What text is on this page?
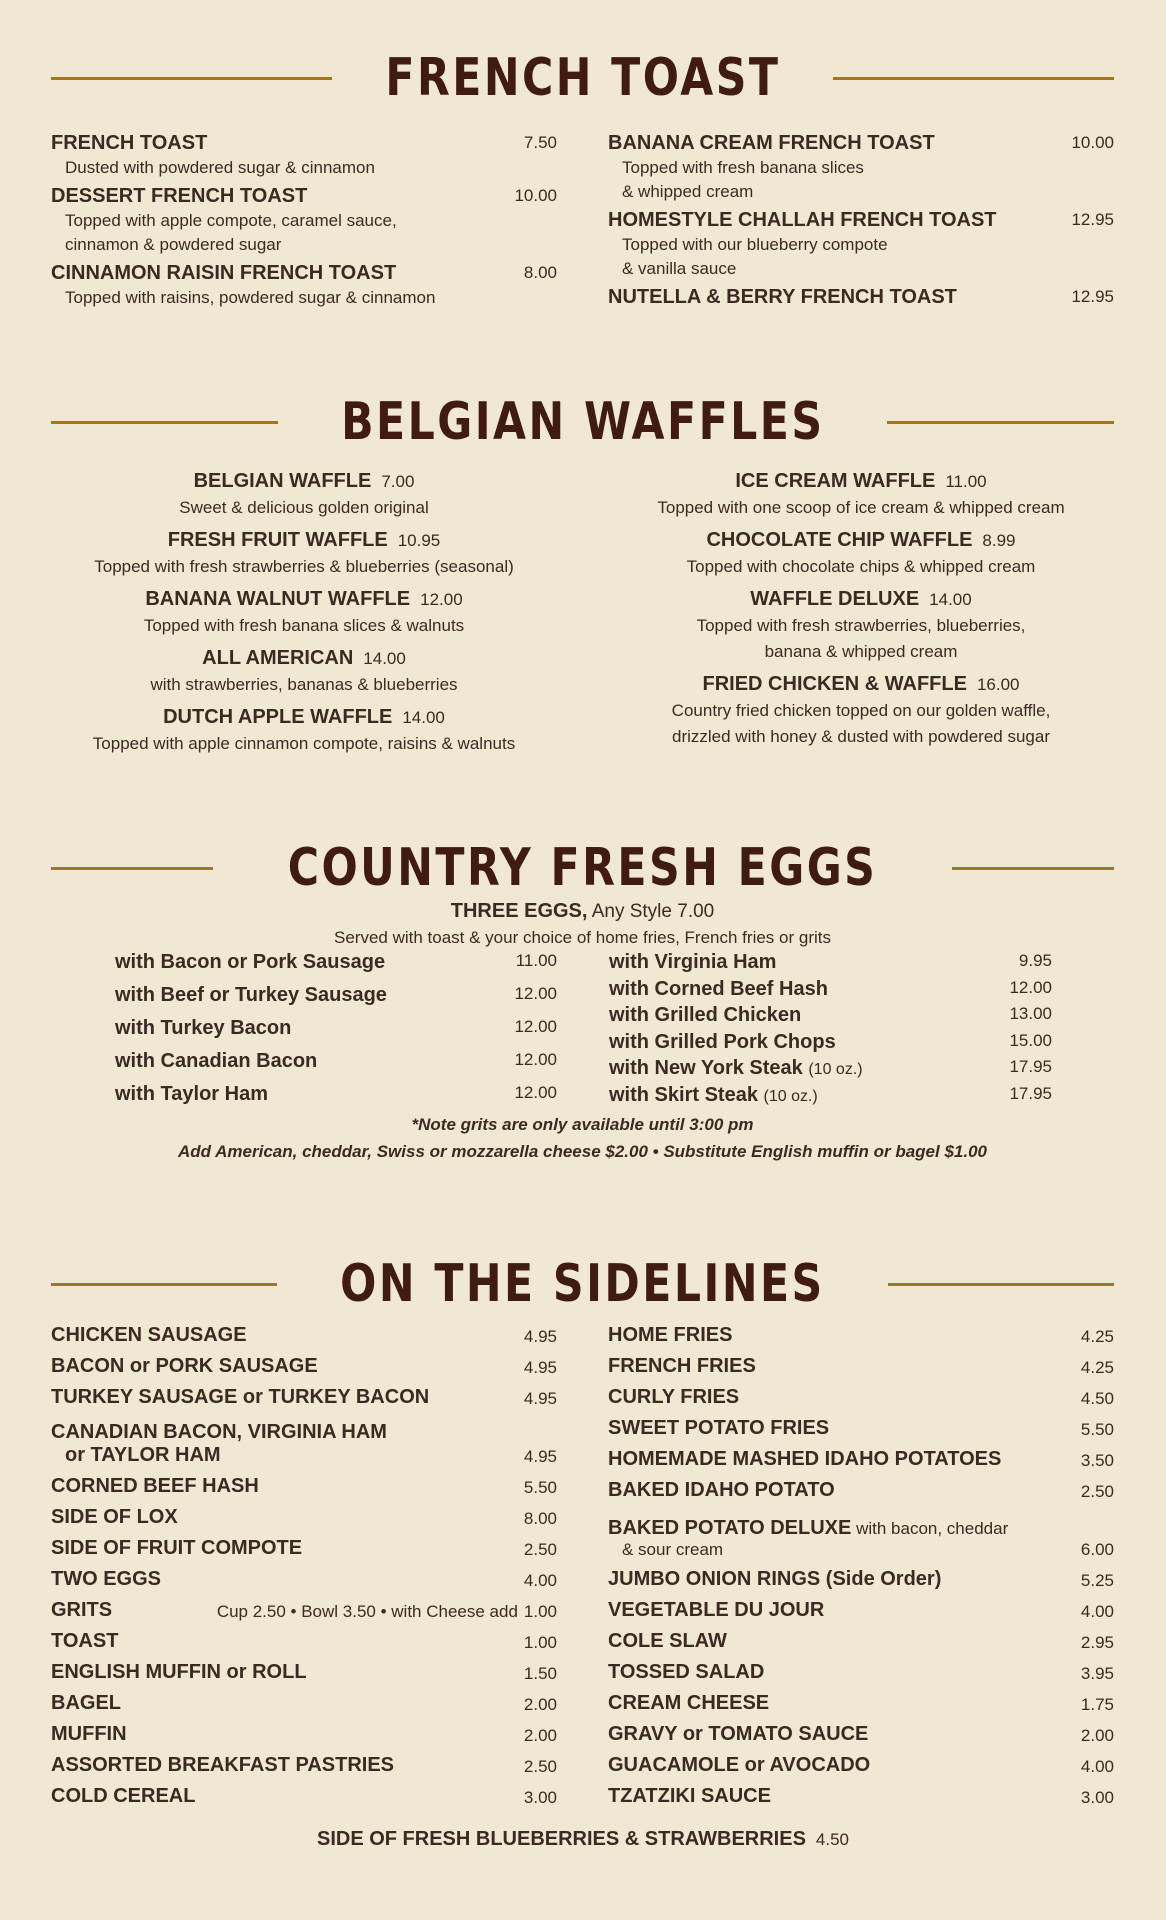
FRENCH TOAST
FRENCH TOAST	7.50
Dusted with powdered sugar & cinnamon
DESSERT FRENCH TOAST	10.00
Topped with apple compote, caramel sauce,
cinnamon & powdered sugar
CINNAMON RAISIN FRENCH TOAST	8.00
Topped with raisins, powdered sugar & cinnamon
BANANA CREAM FRENCH TOAST	10.00
Topped with fresh banana slices
& whipped cream
HOMESTYLE CHALLAH FRENCH TOAST	12.95
Topped with our blueberry compote
& vanilla sauce
NUTELLA & BERRY FRENCH TOAST	12.95
BELGIAN WAFFLES
BELGIAN WAFFLE 7.00
Sweet & delicious golden original
FRESH FRUIT WAFFLE 10.95
Topped with fresh strawberries & blueberries (seasonal)
BANANA WALNUT WAFFLE 12.00
Topped with fresh banana slices & walnuts
ALL AMERICAN 14.00
with strawberries, bananas & blueberries
DUTCH APPLE WAFFLE 14.00
Topped with apple cinnamon compote, raisins & walnuts
ICE CREAM WAFFLE 11.00
Topped with one scoop of ice cream & whipped cream
CHOCOLATE CHIP WAFFLE 8.99
Topped with chocolate chips & whipped cream
WAFFLE DELUXE 14.00
Topped with fresh strawberries, blueberries,
banana & whipped cream
FRIED CHICKEN & WAFFLE 16.00
Country fried chicken topped on our golden waffle,
drizzled with honey & dusted with powdered sugar
COUNTRY FRESH EGGS
THREE EGGS, Any Style 7.00
Served with toast & your choice of home fries, French fries or grits
with Bacon or Pork Sausage	11.00
with Beef or Turkey Sausage	12.00
with Turkey Bacon	12.00
with Canadian Bacon	12.00
with Taylor Ham	12.00
with Virginia Ham	9.95
with Corned Beef Hash	12.00
with Grilled Chicken	13.00
with Grilled Pork Chops	15.00
with New York Steak (10 oz.)	17.95
with Skirt Steak (10 oz.)	17.95
*Note grits are only available until 3:00 pm
Add American, cheddar, Swiss or mozzarella cheese $2.00 • Substitute English muffin or bagel $1.00
ON THE SIDELINES
CHICKEN SAUSAGE	4.95
BACON or PORK SAUSAGE	4.95
TURKEY SAUSAGE or TURKEY BACON	4.95
CANADIAN BACON, VIRGINIA HAM
or TAYLOR HAM	4.95
CORNED BEEF HASH	5.50
SIDE OF LOX	8.00
SIDE OF FRUIT COMPOTE	2.50
TWO EGGS	4.00
GRITS	Cup 2.50 • Bowl 3.50 • with Cheese add 1.00
TOAST	1.00
ENGLISH MUFFIN or ROLL	1.50
BAGEL	2.00
MUFFIN	2.00
ASSORTED BREAKFAST PASTRIES	2.50
COLD CEREAL	3.00
HOME FRIES	4.25
FRENCH FRIES	4.25
CURLY FRIES	4.50
SWEET POTATO FRIES	5.50
HOMEMADE MASHED IDAHO POTATOES	3.50
BAKED IDAHO POTATO	2.50
BAKED POTATO DELUXE with bacon, cheddar
& sour cream	6.00
JUMBO ONION RINGS (Side Order)	5.25
VEGETABLE DU JOUR	4.00
COLE SLAW	2.95
TOSSED SALAD	3.95
CREAM CHEESE	1.75
GRAVY or TOMATO SAUCE	2.00
GUACAMOLE or AVOCADO	4.00
TZATZIKI SAUCE	3.00
SIDE OF FRESH BLUEBERRIES & STRAWBERRIES 4.50
